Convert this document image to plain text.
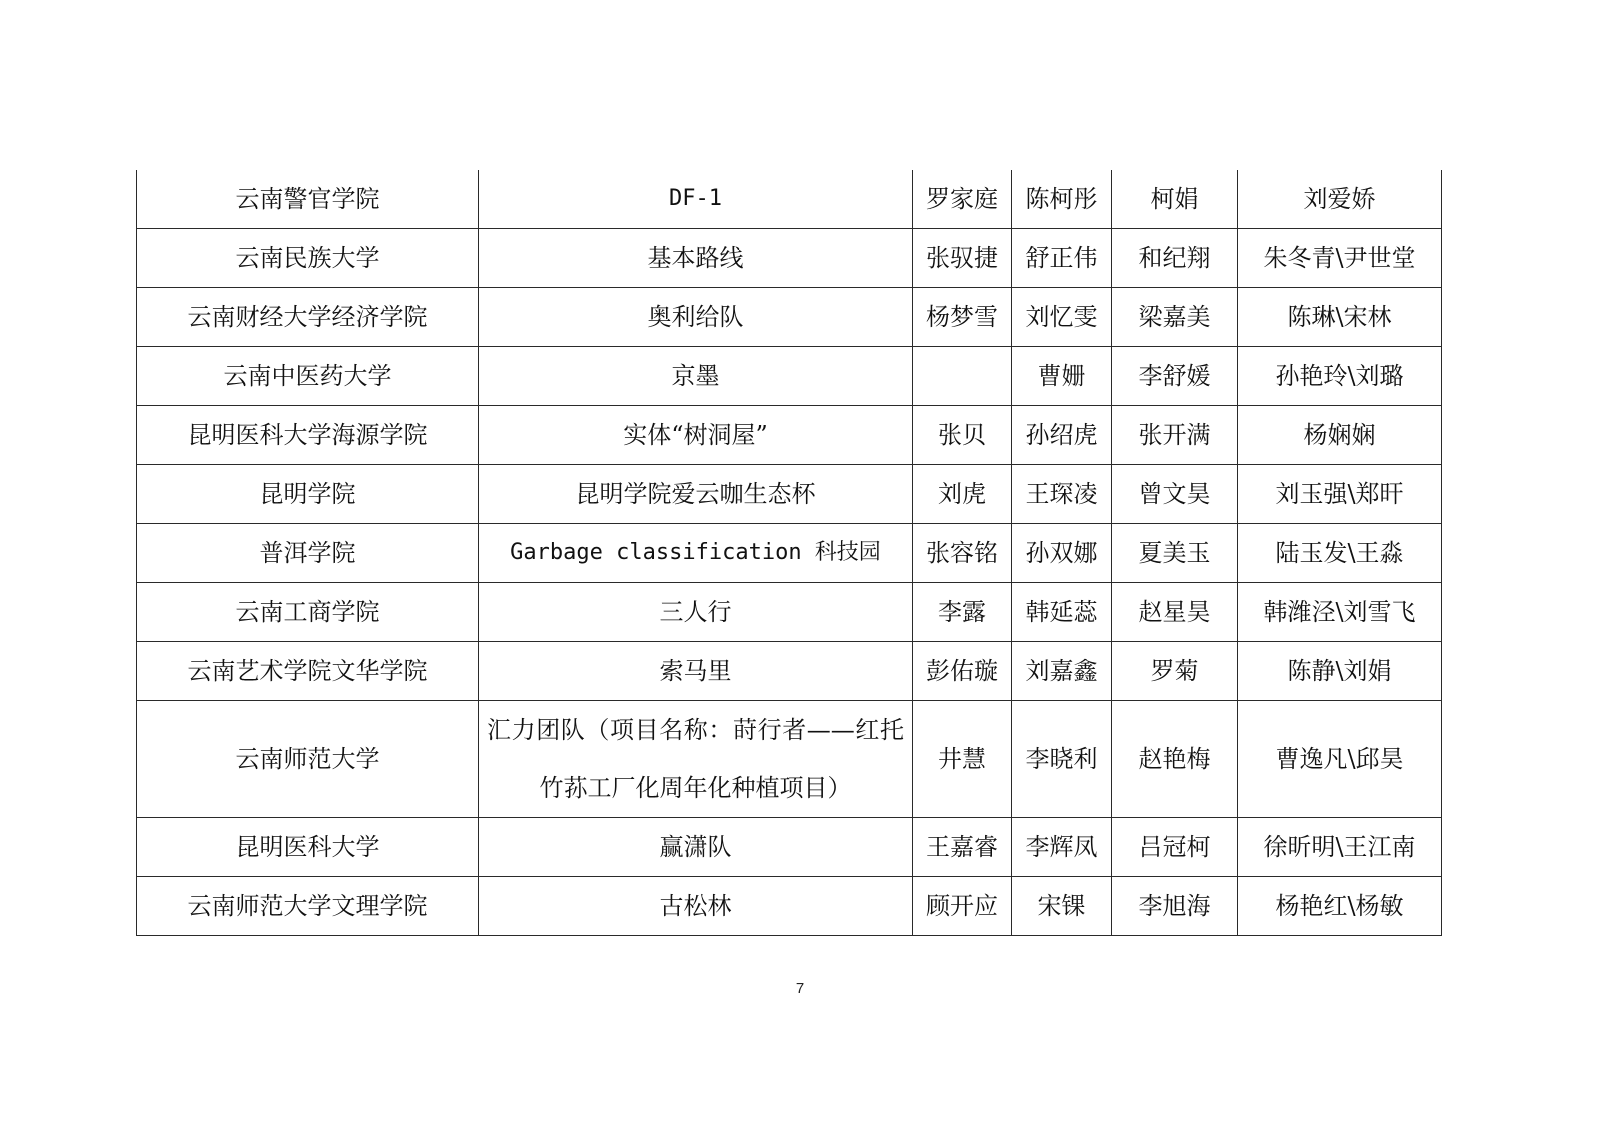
云南警官学院	DF-1	罗家庭	陈柯彤	柯娟	刘爱娇
云南民族大学	基本路线	张驭捷	舒正伟	和纪翔	朱冬青\尹世堂
云南财经大学经济学院	奥利给队	杨梦雪	刘忆雯	梁嘉美	陈琳\宋林
云南中医药大学	京墨		曹姗	李舒媛	孙艳玲\刘璐
昆明医科大学海源学院	实体“树洞屋”	张贝	孙绍虎	张开满	杨娴娴
昆明学院	昆明学院爱云咖生态杯	刘虎	王琛凌	曾文昊	刘玉强\郑旰
普洱学院	Garbage classification 科技园	张容铭	孙双娜	夏美玉	陆玉发\王淼
云南工商学院	三人行	李露	韩延蕊	赵星昊	韩潍泾\刘雪飞
云南艺术学院文华学院	索马里	彭佑璇	刘嘉鑫	罗菊	陈静\刘娟
云南师范大学	汇力团队（项目名称：莳行者——红托竹荪工厂化周年化种植项目）	井慧	李晓利	赵艳梅	曹逸凡\邱昊
昆明医科大学	赢潇队	王嘉睿	李辉凤	吕冠柯	徐昕明\王江南
云南师范大学文理学院	古松林	顾开应	宋锞	李旭海	杨艳红\杨敏
7
